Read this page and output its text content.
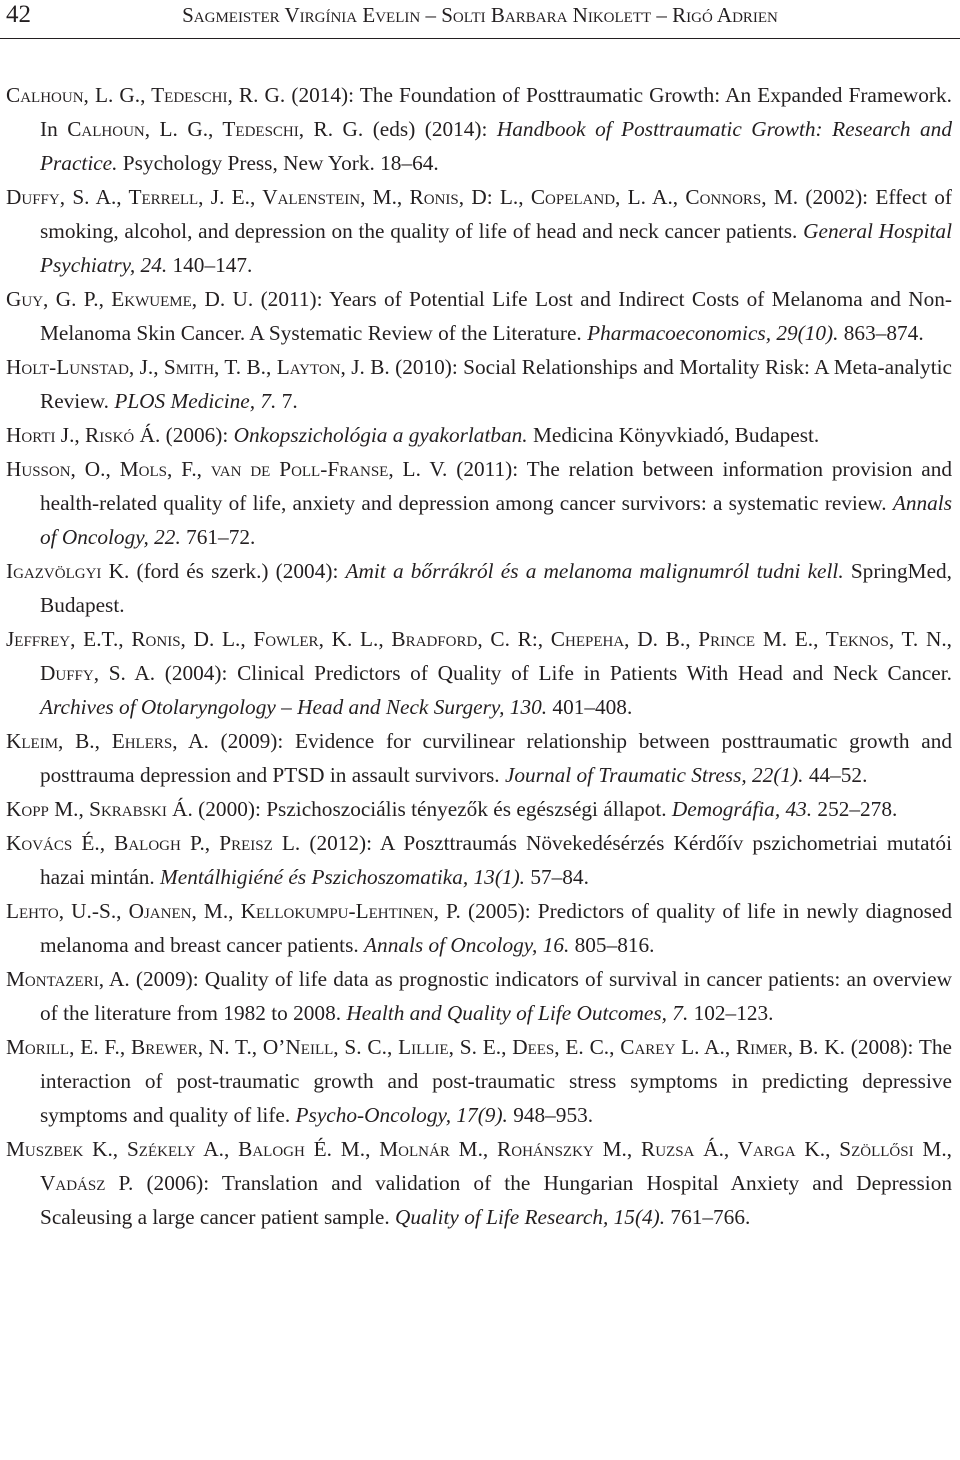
42	Sagmeister Virgínia Evelin – Solti Barbara Nikolett – Rigó Adrien

Calhoun, L. G., Tedeschi, R. G. (2014): The Foundation of Posttraumatic Growth: An Expanded Framework. In Calhoun, L. G., Tedeschi, R. G. (eds) (2014): Handbook of Posttraumatic Growth: Research and Practice. Psychology Press, New York. 18–64.

Duffy, S. A., Terrell, J. E., Valenstein, M., Ronis, D: L., Copeland, L. A., Connors, M. (2002): Effect of smoking, alcohol, and depression on the quality of life of head and neck cancer patients. General Hospital Psychiatry, 24. 140–147.

Guy, G. P., Ekwueme, D. U. (2011): Years of Potential Life Lost and Indirect Costs of Melanoma and Non-Melanoma Skin Cancer. A Systematic Review of the Literature. Pharmacoeconomics, 29(10). 863–874.

Holt-Lunstad, J., Smith, T. B., Layton, J. B. (2010): Social Relationships and Mortality Risk: A Meta-analytic Review. PLOS Medicine, 7. 7.

Horti J., Riskó Á. (2006): Onkopszichológia a gyakorlatban. Medicina Könyvkiadó, Budapest.

Husson, O., Mols, F., van de Poll-Franse, L. V. (2011): The relation between information provision and health-related quality of life, anxiety and depression among cancer survivors: a systematic review. Annals of Oncology, 22. 761–72.

Igazvölgyi K. (ford és szerk.) (2004): Amit a bőrrákról és a melanoma malignumról tudni kell. SpringMed, Budapest.

Jeffrey, E.T., Ronis, D. L., Fowler, K. L., Bradford, C. R:, Chepeha, D. B., Prince M. E., Teknos, T. N., Duffy, S. A. (2004): Clinical Predictors of Quality of Life in Patients With Head and Neck Cancer. Archives of Otolaryngology – Head and Neck Surgery, 130. 401–408.

Kleim, B., Ehlers, A. (2009): Evidence for curvilinear relationship between posttraumatic growth and posttrauma depression and PTSD in assault survivors. Journal of Traumatic Stress, 22(1). 44–52.

Kopp M., Skrabski Á. (2000): Pszichoszociális tényezők és egészségi állapot. Demográfia, 43. 252–278.

Kovács É., Balogh P., Preisz L. (2012): A Poszttraumás Növekedésérzés Kérdőív pszichometriai mutatói hazai mintán. Mentálhigiéné és Pszichoszomatika, 13(1). 57–84.

Lehto, U.-S., Ojanen, M., Kellokumpu-Lehtinen, P. (2005): Predictors of quality of life in newly diagnosed melanoma and breast cancer patients. Annals of Oncology, 16. 805–816.

Montazeri, A. (2009): Quality of life data as prognostic indicators of survival in cancer patients: an overview of the literature from 1982 to 2008. Health and Quality of Life Outcomes, 7. 102–123.

Morill, E. F., Brewer, N. T., O’Neill, S. C., Lillie, S. E., Dees, E. C., Carey L. A., Rimer, B. K. (2008): The interaction of post-traumatic growth and post-traumatic stress symptoms in predicting depressive symptoms and quality of life. Psycho-Oncology, 17(9). 948–953.

Muszbek K., Székely A., Balogh É. M., Molnár M., Rohánszky M., Ruzsa Á., Varga K., Szöllősi M., Vadász P. (2006): Translation and validation of the Hungarian Hospital Anxiety and Depression Scaleusing a large cancer patient sample. Quality of Life Research, 15(4). 761–766.
